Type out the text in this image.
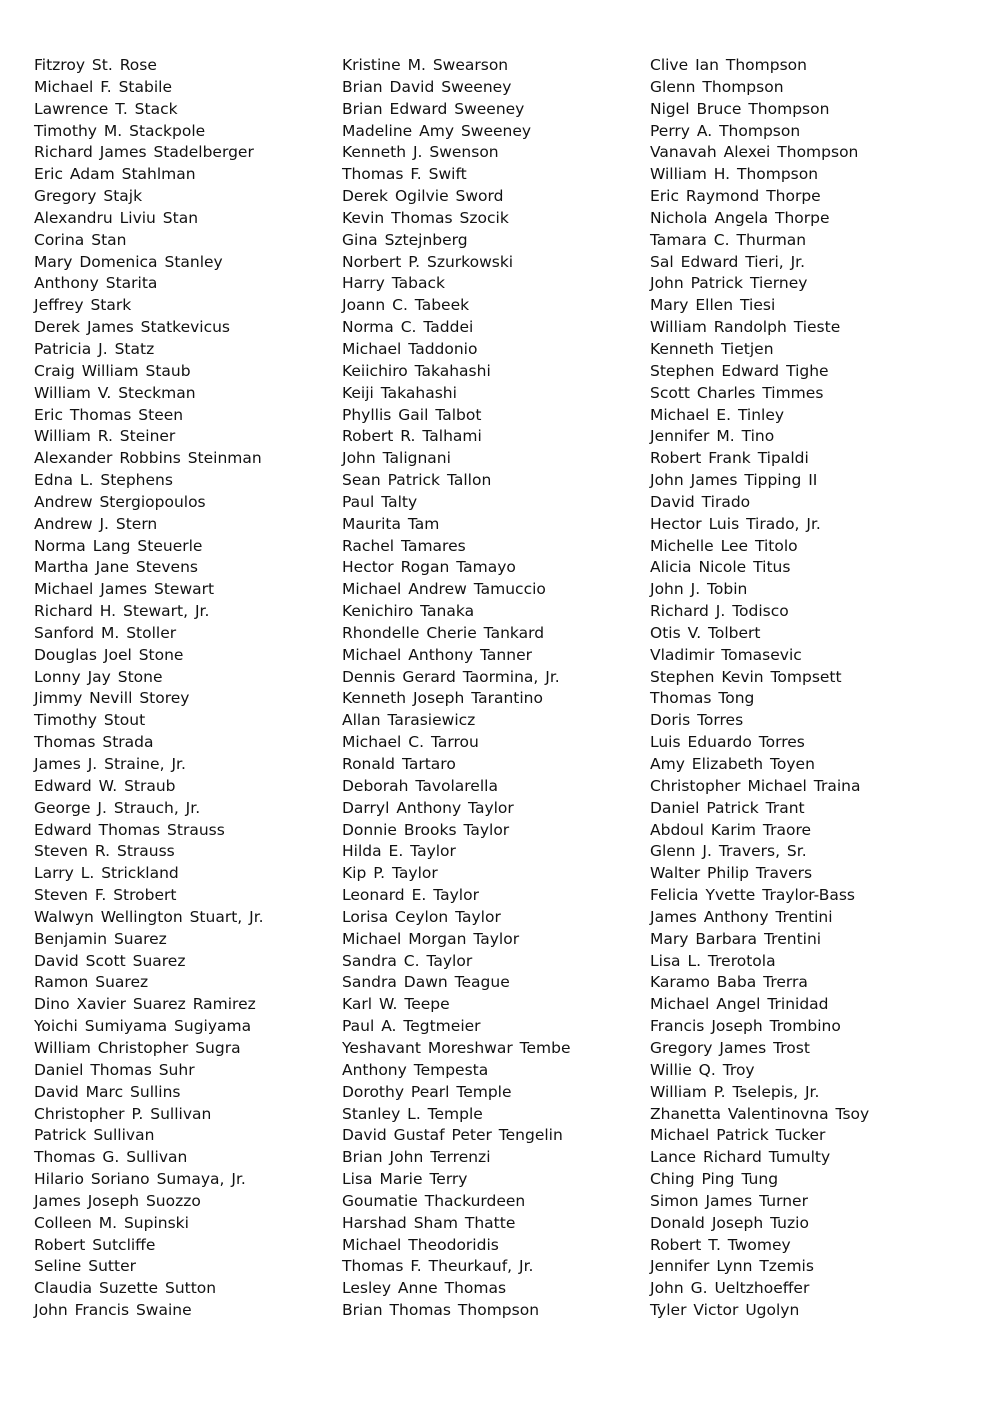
Fitzroy St. Rose
Michael F. Stabile
Lawrence T. Stack
Timothy M. Stackpole
Richard James Stadelberger
Eric Adam Stahlman
Gregory Stajk
Alexandru Liviu Stan
Corina Stan
Mary Domenica Stanley
Anthony Starita
Jeffrey Stark
Derek James Statkevicus
Patricia J. Statz
Craig William Staub
William V. Steckman
Eric Thomas Steen
William R. Steiner
Alexander Robbins Steinman
Edna L. Stephens
Andrew Stergiopoulos
Andrew J. Stern
Norma Lang Steuerle
Martha Jane Stevens
Michael James Stewart
Richard H. Stewart, Jr.
Sanford M. Stoller
Douglas Joel Stone
Lonny Jay Stone
Jimmy Nevill Storey
Timothy Stout
Thomas Strada
James J. Straine, Jr.
Edward W. Straub
George J. Strauch, Jr.
Edward Thomas Strauss
Steven R. Strauss
Larry L. Strickland
Steven F. Strobert
Walwyn Wellington Stuart, Jr.
Benjamin Suarez
David Scott Suarez
Ramon Suarez
Dino Xavier Suarez Ramirez
Yoichi Sumiyama Sugiyama
William Christopher Sugra
Daniel Thomas Suhr
David Marc Sullins
Christopher P. Sullivan
Patrick Sullivan
Thomas G. Sullivan
Hilario Soriano Sumaya, Jr.
James Joseph Suozzo
Colleen M. Supinski
Robert Sutcliffe
Seline Sutter
Claudia Suzette Sutton
John Francis Swaine
Kristine M. Swearson
Brian David Sweeney
Brian Edward Sweeney
Madeline Amy Sweeney
Kenneth J. Swenson
Thomas F. Swift
Derek Ogilvie Sword
Kevin Thomas Szocik
Gina Sztejnberg
Norbert P. Szurkowski
Harry Taback
Joann C. Tabeek
Norma C. Taddei
Michael Taddonio
Keiichiro Takahashi
Keiji Takahashi
Phyllis Gail Talbot
Robert R. Talhami
John Talignani
Sean Patrick Tallon
Paul Talty
Maurita Tam
Rachel Tamares
Hector Rogan Tamayo
Michael Andrew Tamuccio
Kenichiro Tanaka
Rhondelle Cherie Tankard
Michael Anthony Tanner
Dennis Gerard Taormina, Jr.
Kenneth Joseph Tarantino
Allan Tarasiewicz
Michael C. Tarrou
Ronald Tartaro
Deborah Tavolarella
Darryl Anthony Taylor
Donnie Brooks Taylor
Hilda E. Taylor
Kip P. Taylor
Leonard E. Taylor
Lorisa Ceylon Taylor
Michael Morgan Taylor
Sandra C. Taylor
Sandra Dawn Teague
Karl W. Teepe
Paul A. Tegtmeier
Yeshavant Moreshwar Tembe
Anthony Tempesta
Dorothy Pearl Temple
Stanley L. Temple
David Gustaf Peter Tengelin
Brian John Terrenzi
Lisa Marie Terry
Goumatie Thackurdeen
Harshad Sham Thatte
Michael Theodoridis
Thomas F. Theurkauf, Jr.
Lesley Anne Thomas
Brian Thomas Thompson
Clive Ian Thompson
Glenn Thompson
Nigel Bruce Thompson
Perry A. Thompson
Vanavah Alexei Thompson
William H. Thompson
Eric Raymond Thorpe
Nichola Angela Thorpe
Tamara C. Thurman
Sal Edward Tieri, Jr.
John Patrick Tierney
Mary Ellen Tiesi
William Randolph Tieste
Kenneth Tietjen
Stephen Edward Tighe
Scott Charles Timmes
Michael E. Tinley
Jennifer M. Tino
Robert Frank Tipaldi
John James Tipping II
David Tirado
Hector Luis Tirado, Jr.
Michelle Lee Titolo
Alicia Nicole Titus
John J. Tobin
Richard J. Todisco
Otis V. Tolbert
Vladimir Tomasevic
Stephen Kevin Tompsett
Thomas Tong
Doris Torres
Luis Eduardo Torres
Amy Elizabeth Toyen
Christopher Michael Traina
Daniel Patrick Trant
Abdoul Karim Traore
Glenn J. Travers, Sr.
Walter Philip Travers
Felicia Yvette Traylor-Bass
James Anthony Trentini
Mary Barbara Trentini
Lisa L. Trerotola
Karamo Baba Trerra
Michael Angel Trinidad
Francis Joseph Trombino
Gregory James Trost
Willie Q. Troy
William P. Tselepis, Jr.
Zhanetta Valentinovna Tsoy
Michael Patrick Tucker
Lance Richard Tumulty
Ching Ping Tung
Simon James Turner
Donald Joseph Tuzio
Robert T. Twomey
Jennifer Lynn Tzemis
John G. Ueltzhoeffer
Tyler Victor Ugolyn
